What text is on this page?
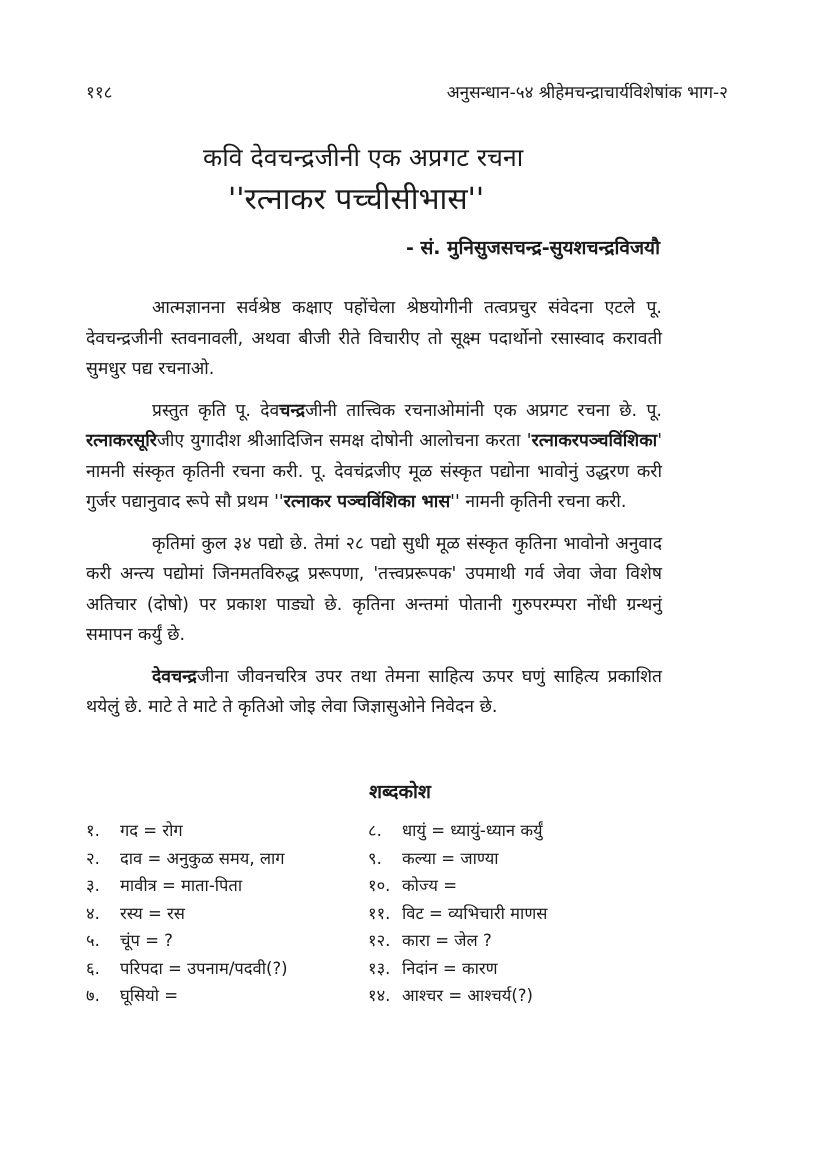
११८	अनुसन्धान-५४ श्रीहेमचन्द्राचार्यविशेषांक भाग-२
कवि देवचन्द्रजीनी एक अप्रगट रचना
''रत्नाकर पच्चीसीभास''
- सं. मुनिसुजसचन्द्र-सुयशचन्द्रविजयौ

आत्मज्ञानना सर्वश्रेष्ठ कक्षाए पहोंचेला श्रेष्ठयोगीनी तत्वप्रचुर संवेदना एटले पू. देवचन्द्रजीनी स्तवनावली, अथवा बीजी रीते विचारीए तो सूक्ष्म पदार्थोनो रसास्वाद करावती सुमधुर पद्य रचनाओ.

प्रस्तुत कृति पू. देवचन्द्रजीनी तात्त्विक रचनाओमांनी एक अप्रगट रचना छे. पू. रत्नाकरसूरिजीए युगादीश श्रीआदिजिन समक्ष दोषोनी आलोचना करता 'रत्नाकरपञ्चविंशिका' नामनी संस्कृत कृतिनी रचना करी. पू. देवचंद्रजीए मूळ संस्कृत पद्योना भावोनुं उद्धरण करी गुर्जर पद्यानुवाद रूपे सौ प्रथम ''रत्नाकर पञ्चविंशिका भास'' नामनी कृतिनी रचना करी.

कृतिमां कुल ३४ पद्यो छे. तेमां २८ पद्यो सुधी मूळ संस्कृत कृतिना भावोनो अनुवाद करी अन्त्य पद्योमां जिनमतविरुद्ध प्ररूपणा, 'तत्त्वप्ररूपक' उपमाथी गर्व जेवा जेवा विशेष अतिचार (दोषो) पर प्रकाश पाड्यो छे. कृतिना अन्तमां पोतानी गुरुपरम्परा नोंधी ग्रन्थनुं समापन कर्युं छे.

देवचन्द्रजीना जीवनचरित्र उपर तथा तेमना साहित्य ऊपर घणुं साहित्य प्रकाशित थयेलुं छे. माटे ते माटे ते कृतिओ जोइ लेवा जिज्ञासुओने निवेदन छे.

शब्दकोश
१.	गद = रोग
२.	दाव = अनुकुळ समय, लाग
३.	मावीत्र = माता-पिता
४.	रस्य = रस
५.	चूंप = ?
६.	परिपदा = उपनाम/पदवी(?)
७.	घूसियो =
८.	धायुं = ध्यायुं-ध्यान कर्युं
९.	कल्या = जाण्या
१०. कोज्य =
११. विट = व्यभिचारी माणस
१२. कारा = जेल ?
१३. निदांन = कारण
१४. आश्चर = आश्चर्य(?)
